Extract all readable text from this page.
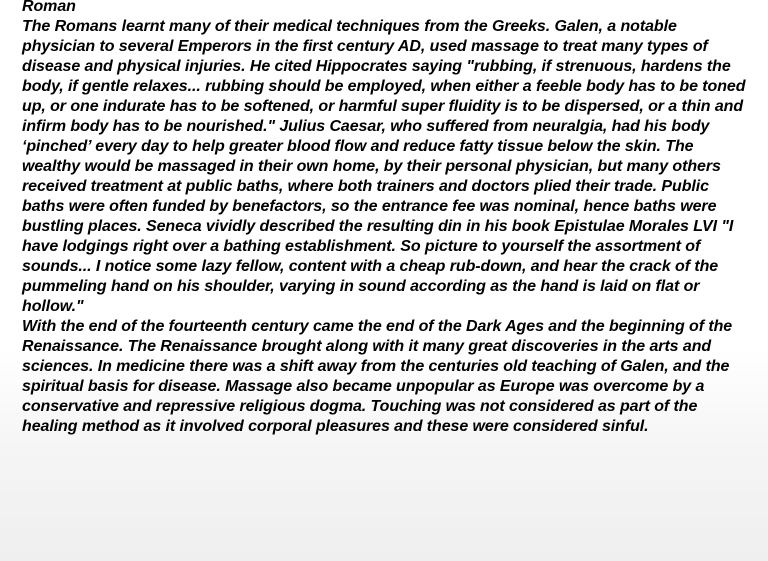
Roman

The Romans learnt many of their medical techniques from the Greeks. Galen, a notable physician to several Emperors in the first century AD, used massage to treat many types of disease and physical injuries. He cited Hippocrates saying "rubbing, if strenuous, hardens the body, if gentle relaxes... rubbing should be employed, when either a feeble body has to be toned up, or one indurate has to be softened, or harmful super fluidity is to be dispersed, or a thin and infirm body has to be nourished." Julius Caesar, who suffered from neuralgia, had his body ‘pinched’ every day to help greater blood flow and reduce fatty tissue below the skin. The wealthy would be massaged in their own home, by their personal physician, but many others received treatment at public baths, where both trainers and doctors plied their trade. Public baths were often funded by benefactors, so the entrance fee was nominal, hence baths were bustling places. Seneca vividly described the resulting din in his book Epistulae Morales LVI "I have lodgings right over a bathing establishment. So picture to yourself the assortment of sounds... I notice some lazy fellow, content with a cheap rub-down, and hear the crack of the pummeling hand on his shoulder, varying in sound according as the hand is laid on flat or hollow."

With the end of the fourteenth century came the end of the Dark Ages and the beginning of the Renaissance. The Renaissance brought along with it many great discoveries in the arts and sciences. In medicine there was a shift away from the centuries old teaching of Galen, and the spiritual basis for disease. Massage also became unpopular as Europe was overcome by a conservative and repressive religious dogma. Touching was not considered as part of the healing method as it involved corporal pleasures and these were considered sinful.
